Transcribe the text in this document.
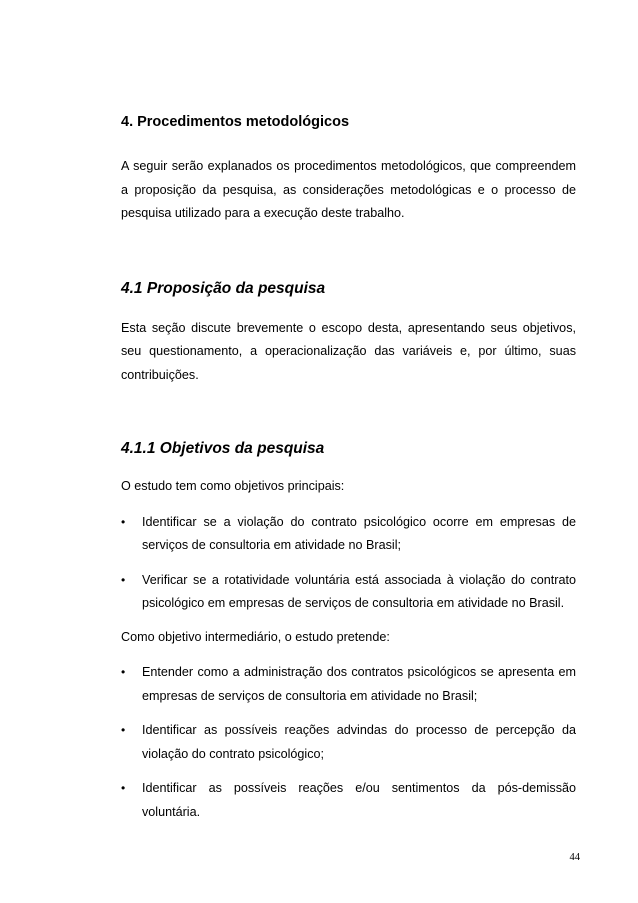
4. Procedimentos metodológicos

A seguir serão explanados os procedimentos metodológicos, que compreendem a proposição da pesquisa, as considerações metodológicas e o processo de pesquisa utilizado para a execução deste trabalho.

4.1 Proposição da pesquisa

Esta seção discute brevemente o escopo desta, apresentando seus objetivos, seu questionamento, a operacionalização das variáveis e, por último, suas contribuições.

4.1.1 Objetivos da pesquisa

O estudo tem como objetivos principais:

• Identificar se a violação do contrato psicológico ocorre em empresas de serviços de consultoria em atividade no Brasil;
• Verificar se a rotatividade voluntária está associada à violação do contrato psicológico em empresas de serviços de consultoria em atividade no Brasil.

Como objetivo intermediário, o estudo pretende:

• Entender como a administração dos contratos psicológicos se apresenta em empresas de serviços de consultoria em atividade no Brasil;
• Identificar as possíveis reações advindas do processo de percepção da violação do contrato psicológico;
• Identificar as possíveis reações e/ou sentimentos da pós-demissão voluntária.
44
